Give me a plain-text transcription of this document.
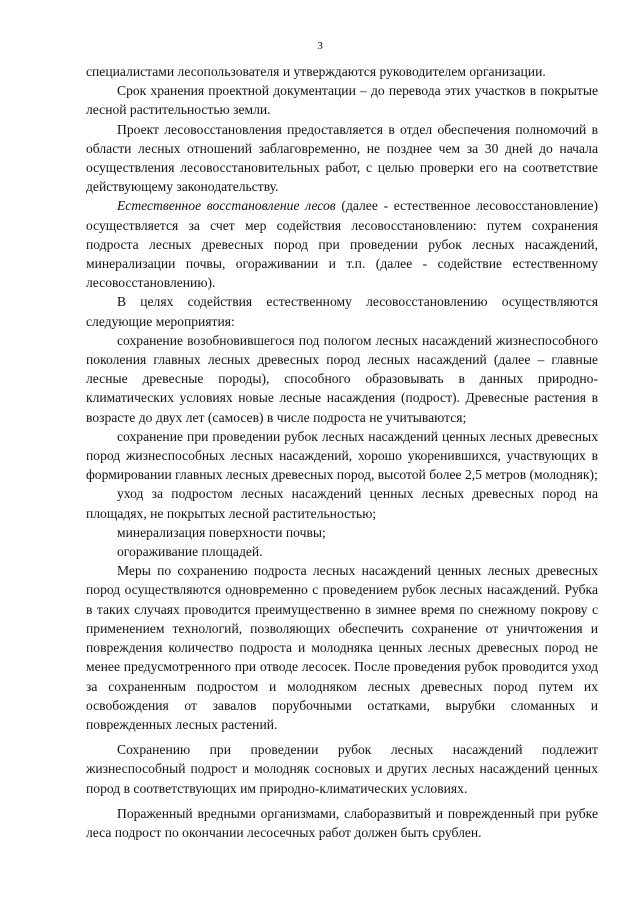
3

специалистами лесопользователя и утверждаются руководителем организации.

Срок хранения проектной документации – до перевода этих участков в покрытые лесной растительностью земли.

Проект лесовосстановления предоставляется в отдел обеспечения полномочий в области лесных отношений заблаговременно, не позднее чем за 30 дней до начала осуществления лесовосстановительных работ, с целью проверки его на соответствие действующему законодательству.

Естественное восстановление лесов (далее - естественное лесовосстановление) осуществляется за счет мер содействия лесовосстановлению: путем сохранения подроста лесных древесных пород при проведении рубок лесных насаждений, минерализации почвы, огораживании и т.п. (далее - содействие естественному лесовосстановлению).

В целях содействия естественному лесовосстановлению осуществляются следующие мероприятия:

сохранение возобновившегося под пологом лесных насаждений жизнеспособного поколения главных лесных древесных пород лесных насаждений (далее – главные лесные древесные породы), способного образовывать в данных природно-климатических условиях новые лесные насаждения (подрост). Древесные растения в возрасте до двух лет (самосев) в числе подроста не учитываются;

сохранение при проведении рубок лесных насаждений ценных лесных древесных пород жизнеспособных лесных насаждений, хорошо укоренившихся, участвующих в формировании главных лесных древесных пород, высотой более 2,5 метров (молодняк);

уход за подростом лесных насаждений ценных лесных древесных пород на площадях, не покрытых лесной растительностью;

минерализация поверхности почвы;

огораживание площадей.

Меры по сохранению подроста лесных насаждений ценных лесных древесных пород осуществляются одновременно с проведением рубок лесных насаждений. Рубка в таких случаях проводится преимущественно в зимнее время по снежному покрову с применением технологий, позволяющих обеспечить сохранение от уничтожения и повреждения количество подроста и молодняка ценных лесных древесных пород не менее предусмотренного при отводе лесосек. После проведения рубок проводится уход за сохраненным подростом и молодняком лесных древесных пород путем их освобождения от завалов порубочными остатками, вырубки сломанных и поврежденных лесных растений.

Сохранению при проведении рубок лесных насаждений подлежит жизнеспособный подрост и молодняк сосновых и других лесных насаждений ценных пород в соответствующих им природно-климатических условиях.

Пораженный вредными организмами, слаборазвитый и поврежденный при рубке леса подрост по окончании лесосечных работ должен быть срублен.
